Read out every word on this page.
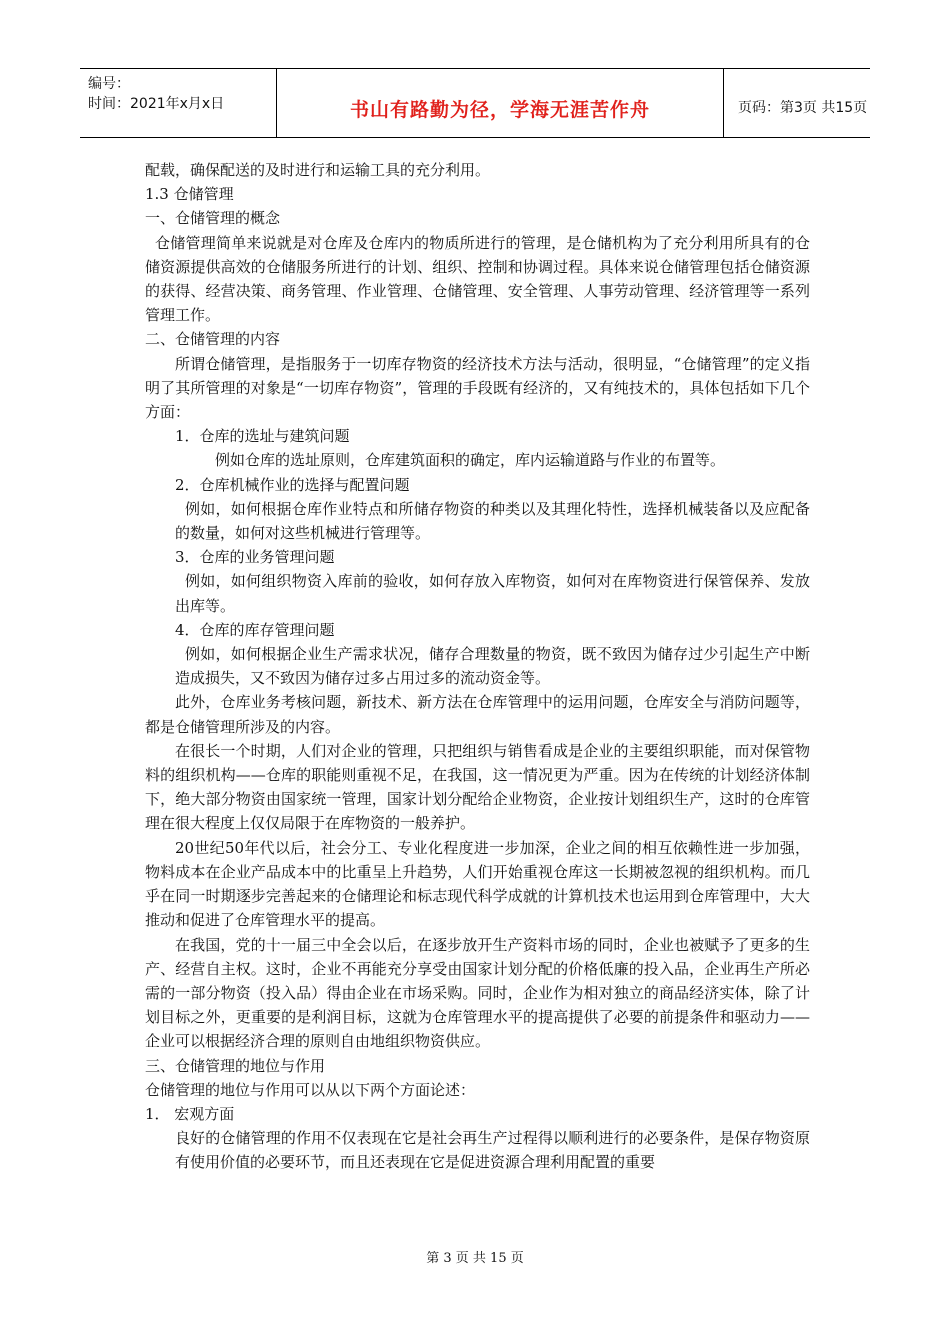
编号：
时间：2021年x月x日	书山有路勤为径，学海无涯苦作舟	页码：第3页 共15页

配载，确保配送的及时进行和运输工具的充分利用。

1.3 仓储管理

一、仓储管理的概念

仓储管理简单来说就是对仓库及仓库内的物质所进行的管理，是仓储机构为了充分利用所具有的仓储资源提供高效的仓储服务所进行的计划、组织、控制和协调过程。具体来说仓储管理包括仓储资源的获得、经营决策、商务管理、作业管理、仓储管理、安全管理、人事劳动管理、经济管理等一系列管理工作。

二、仓储管理的内容

所谓仓储管理，是指服务于一切库存物资的经济技术方法与活动，很明显，“仓储管理”的定义指明了其所管理的对象是“一切库存物资”，管理的手段既有经济的，又有纯技术的，具体包括如下几个方面：

1．仓库的选址与建筑问题

例如仓库的选址原则，仓库建筑面积的确定，库内运输道路与作业的布置等。

2．仓库机械作业的选择与配置问题

例如，如何根据仓库作业特点和所储存物资的种类以及其理化特性，选择机械装备以及应配备的数量，如何对这些机械进行管理等。

3．仓库的业务管理问题

例如，如何组织物资入库前的验收，如何存放入库物资，如何对在库物资进行保管保养、发放出库等。

4．仓库的库存管理问题

例如，如何根据企业生产需求状况，储存合理数量的物资，既不致因为储存过少引起生产中断造成损失，又不致因为储存过多占用过多的流动资金等。

此外，仓库业务考核问题，新技术、新方法在仓库管理中的运用问题，仓库安全与消防问题等，都是仓储管理所涉及的内容。

在很长一个时期，人们对企业的管理，只把组织与销售看成是企业的主要组织职能，而对保管物料的组织机构——仓库的职能则重视不足，在我国，这一情况更为严重。因为在传统的计划经济体制下，绝大部分物资由国家统一管理，国家计划分配给企业物资，企业按计划组织生产，这时的仓库管理在很大程度上仅仅局限于在库物资的一般养护。

20世纪50年代以后，社会分工、专业化程度进一步加深，企业之间的相互依赖性进一步加强，物料成本在企业产品成本中的比重呈上升趋势，人们开始重视仓库这一长期被忽视的组织机构。而几乎在同一时期逐步完善起来的仓储理论和标志现代科学成就的计算机技术也运用到仓库管理中，大大推动和促进了仓库管理水平的提高。

在我国，党的十一届三中全会以后，在逐步放开生产资料市场的同时，企业也被赋予了更多的生产、经营自主权。这时，企业不再能充分享受由国家计划分配的价格低廉的投入品，企业再生产所必需的一部分物资（投入品）得由企业在市场采购。同时，企业作为相对独立的商品经济实体，除了计划目标之外，更重要的是利润目标，这就为仓库管理水平的提高提供了必要的前提条件和驱动力——企业可以根据经济合理的原则自由地组织物资供应。

三、仓储管理的地位与作用

仓储管理的地位与作用可以从以下两个方面论述：

1． 宏观方面

良好的仓储管理的作用不仅表现在它是社会再生产过程得以顺利进行的必要条件，是保存物资原有使用价值的必要环节，而且还表现在它是促进资源合理利用配置的重要

第 3 页 共 15 页
